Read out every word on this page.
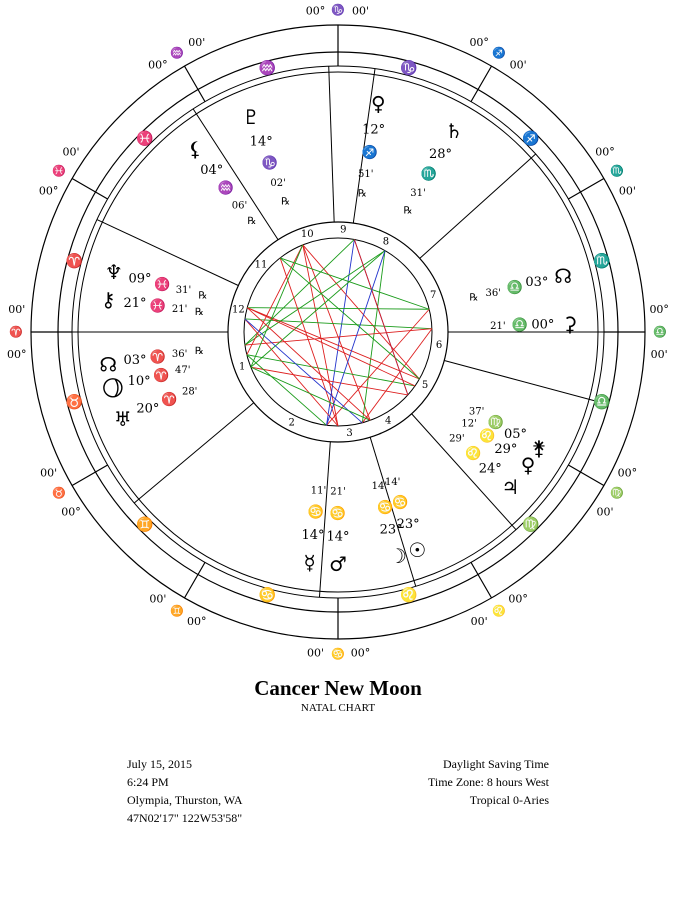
1
2
3
4
5
6
7
8
9
10
11
12
00° ♑ 00'
00°
♐
00'
00°
♏
00'
00°
♎
00'
00°
♍
00'
00°
♌
00'
00°
♋
00'
00°
♊
00'
00°
♉
00'
00°
♈
00'
00°
♓
00'
00°
♒
00'
♑
♐
♏
♎
♍
♌
♋
♊
♉
♈
♓
♒
♇
14°
♑
02'
℞
♀
12°
♐
51'
℞
♄
28°
♏
31'
℞
♆ 09° ♓ 31' ℞
⚷ 21° ♓ 21' ℞
☊ 03° ♈ 36' ℞
⯖ 10° ♈ 47'
♅ 20°
♈
28'
☊
03°
♎
36'
℞
⚳
00°
♎
21'
⚵
05°
♍
37'
♀
29°
♌
12'
♃
24°
♌
29'
☿
14°
♋
11'
♂
14°
♋
21'
☽
23°
♋
14'
☉
23°
♋
14'
⚸
04°
♒
06'
℞
Cancer New Moon
NATAL CHART
July 15, 2015
6:24 PM
Olympia, Thurston, WA
47N02'17" 122W53'58"
Daylight Saving Time
Time Zone: 8 hours West
Tropical 0-Aries
